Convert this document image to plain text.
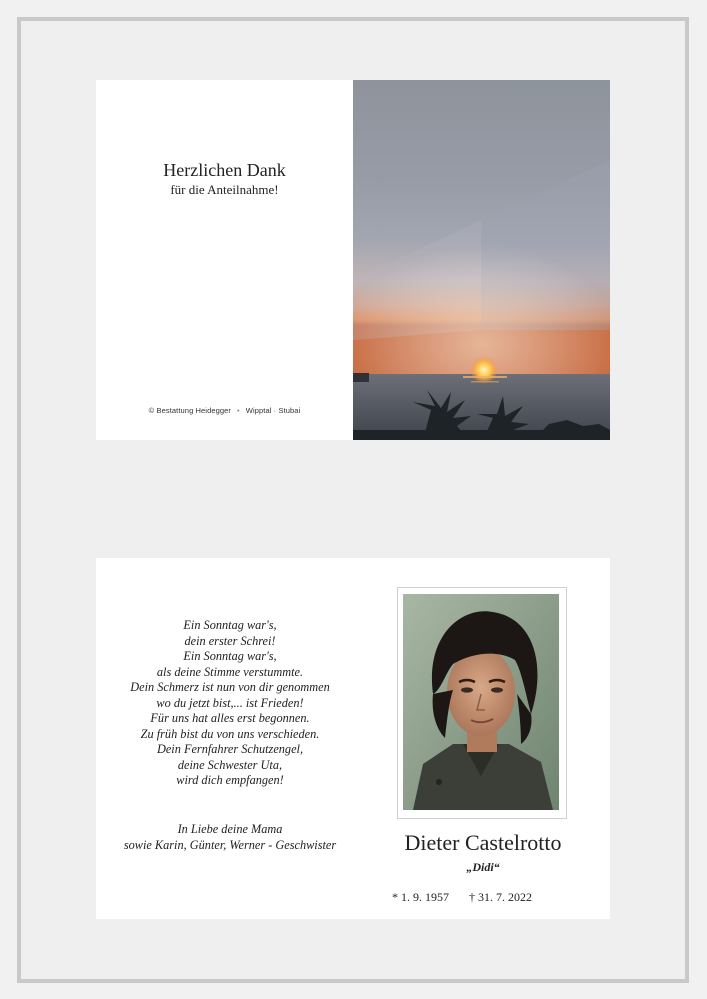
Herzlichen Dank
für die Anteilnahme!
© Bestattung Heidegger • Wipptal · Stubai
Ein Sonntag war's,
dein erster Schrei!
Ein Sonntag war's,
als deine Stimme verstummte.
Dein Schmerz ist nun von dir genommen
wo du jetzt bist,... ist Frieden!
Für uns hat alles erst begonnen.
Zu früh bist du von uns verschieden.
Dein Fernfahrer Schutzengel,
deine Schwester Uta,
wird dich empfangen!
In Liebe deine Mama
sowie Karin, Günter, Werner - Geschwister	Dieter Castelrotto
„Didi“
* 1. 9. 1957 † 31. 7. 2022
